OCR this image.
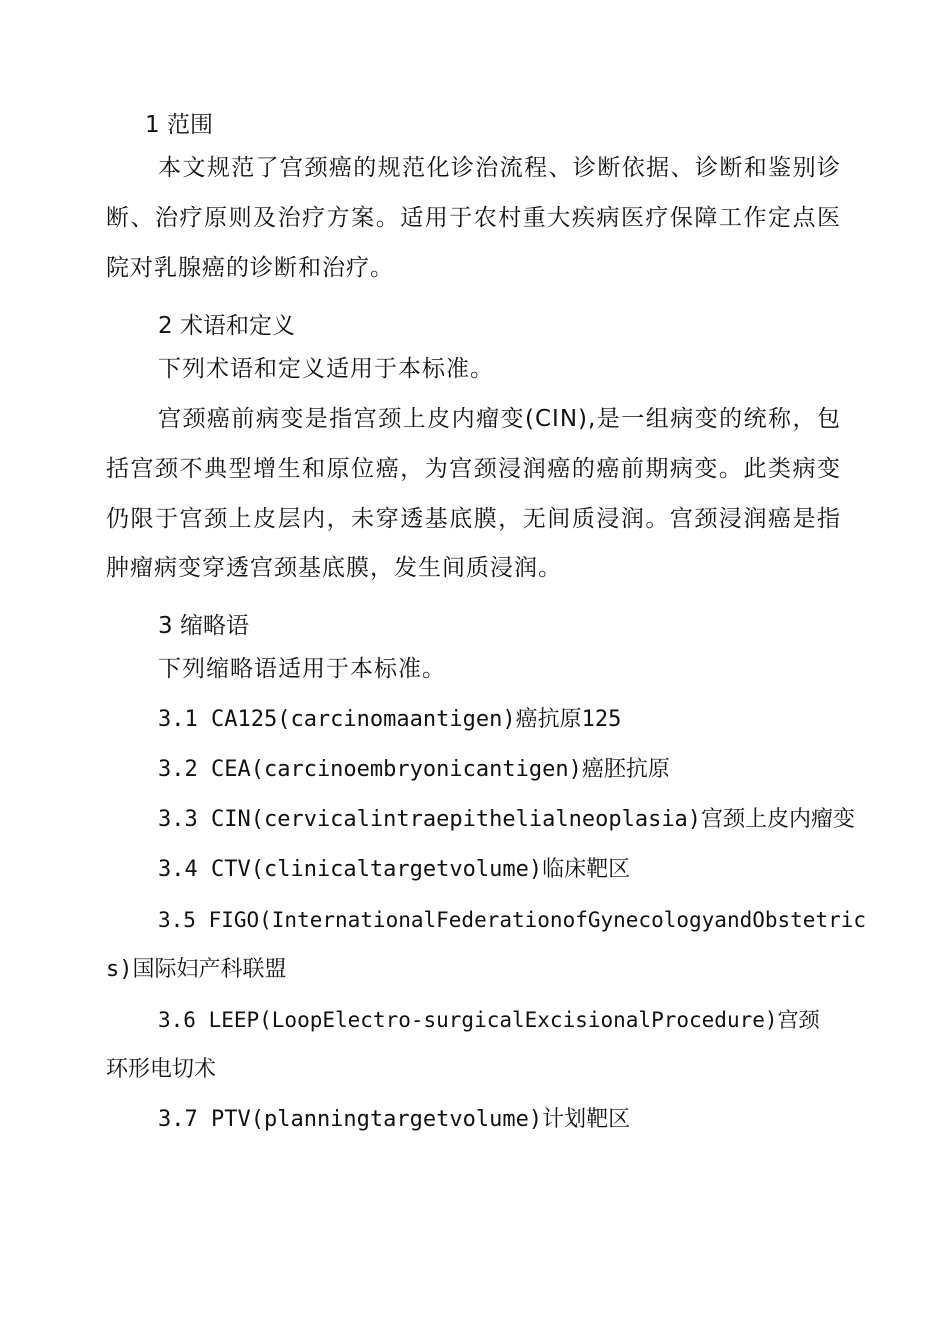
1 范围
本文规范了宫颈癌的规范化诊治流程、诊断依据、诊断和鉴别诊
断、治疗原则及治疗方案。适用于农村重大疾病医疗保障工作定点医
院对乳腺癌的诊断和治疗。
2 术语和定义
下列术语和定义适用于本标准。
宫颈癌前病变是指宫颈上皮内瘤变(CIN),是一组病变的统称，包
括宫颈不典型增生和原位癌，为宫颈浸润癌的癌前期病变。此类病变
仍限于宫颈上皮层内，未穿透基底膜，无间质浸润。宫颈浸润癌是指
肿瘤病变穿透宫颈基底膜，发生间质浸润。
3 缩略语
下列缩略语适用于本标准。
3.1 CA125(carcinomaantigen)癌抗原125
3.2 CEA(carcinoembryonicantigen)癌胚抗原
3.3 CIN(cervicalintraepithelialneoplasia)宫颈上皮内瘤变
3.4 CTV(clinicaltargetvolume)临床靶区
3.5 FIGO(InternationalFederationofGynecologyandObstetric
s)国际妇产科联盟
3.6 LEEP(LoopElectro-surgicalExcisionalProcedure)宫颈
环形电切术
3.7 PTV(planningtargetvolume)计划靶区
